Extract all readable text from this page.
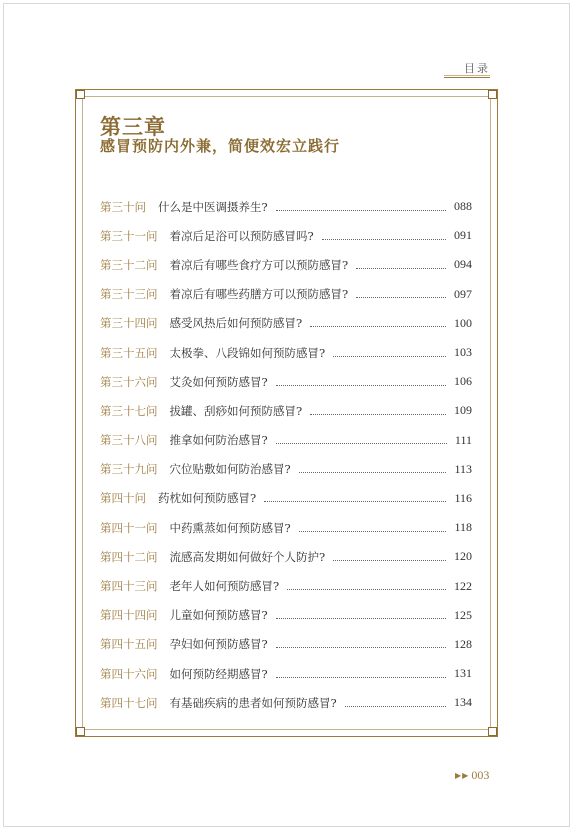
目录
第三章
感冒预防内外兼，简便效宏立践行
第三十问 什么是中医调摄养生?	088
第三十一问 着凉后足浴可以预防感冒吗?	091
第三十二问 着凉后有哪些食疗方可以预防感冒?	094
第三十三问 着凉后有哪些药膳方可以预防感冒?	097
第三十四问 感受风热后如何预防感冒?	100
第三十五问 太极拳、八段锦如何预防感冒?	103
第三十六问 艾灸如何预防感冒?	106
第三十七问 拔罐、刮痧如何预防感冒?	109
第三十八问 推拿如何防治感冒?	111
第三十九问 穴位贴敷如何防治感冒?	113
第四十问 药枕如何预防感冒?	116
第四十一问 中药熏蒸如何预防感冒?	118
第四十二问 流感高发期如何做好个人防护?	120
第四十三问 老年人如何预防感冒?	122
第四十四问 儿童如何预防感冒?	125
第四十五问 孕妇如何预防感冒?	128
第四十六问 如何预防经期感冒?	131
第四十七问 有基础疾病的患者如何预防感冒?	134
▶▶ 003
